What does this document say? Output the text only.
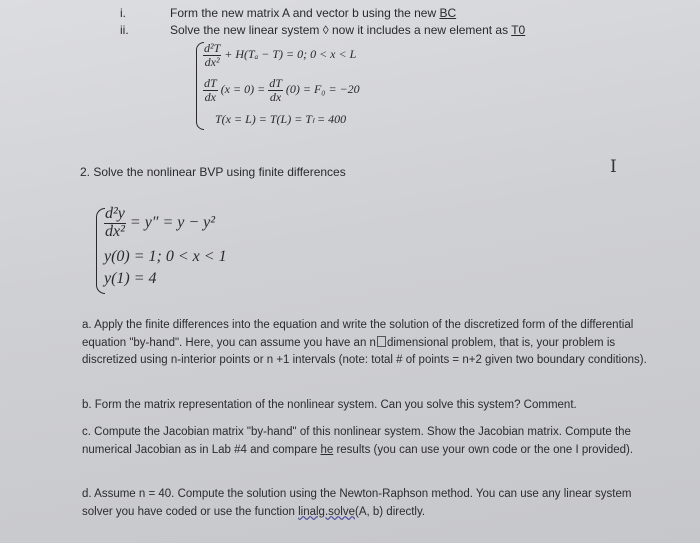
i.	Form the new matrix A and vector b using the new BC
ii.	Solve the new linear system ◊ now it includes a new element as T0
$\frac{\text{d²T}}{\text{dx²}} + H(T_a - T) = 0$; 0 < x < L
$\frac{dT}{dx} (x = 0) = \frac{dT}{dx} (0) = F_0 = -20$
T(x = L) = T(L) = Tₗ = 400
2. Solve the nonlinear BVP using finite differences	I
$\frac{\text{d²y}}{\text{dx²}} = y'' = y - y^2$
y(0) = 1; 0 < x < 1
y(1) = 4
a. Apply the finite differences into the equation and write the solution of the discretized form of the differential equation "by-hand". Here, you can assume you have an n dimensional problem, that is, your problem is discretized using n-interior points or n +1 intervals (note: total # of points = n+2 given two boundary conditions).
b. Form the matrix representation of the nonlinear system. Can you solve this system? Comment.
c. Compute the Jacobian matrix "by-hand" of this nonlinear system. Show the Jacobian matrix. Compute the numerical Jacobian as in Lab #4 and compare he results (you can use your own code or the one I provided).
d. Assume n = 40. Compute the solution using the Newton-Raphson method. You can use any linear system solver you have coded or use the function linalg.solve(A, b) directly.
